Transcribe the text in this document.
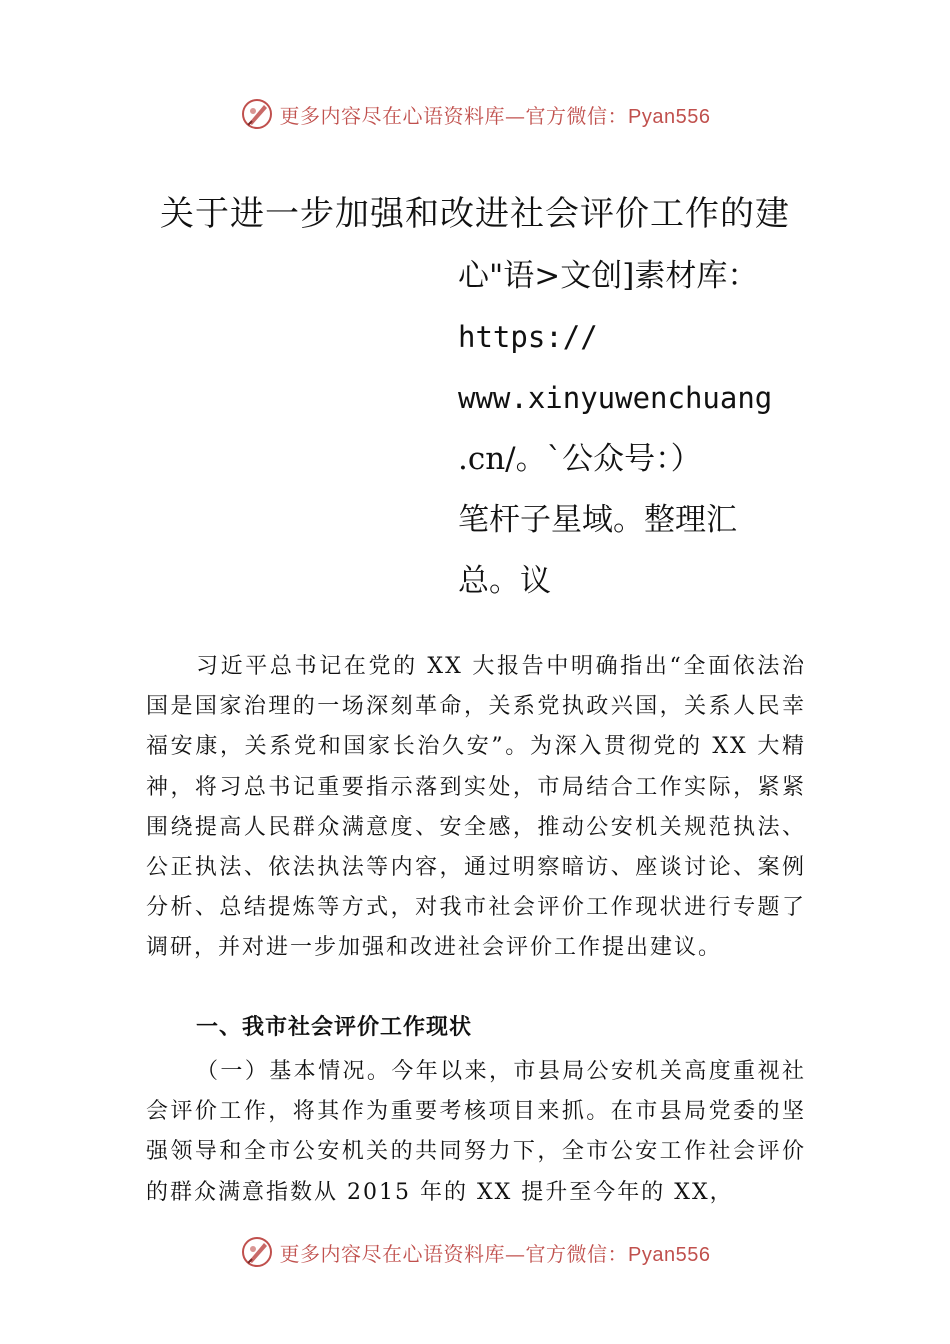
更多内容尽在心语资料库—官方微信：Pyan556
关于进一步加强和改进社会评价工作的建
心"语>文创]素材库：
https://
www.xinyuwenchuang
.cn/。`公众号：）
笔杆子星域。整理汇
总。议
习近平总书记在党的 XX 大报告中明确指出“全面依法治国是国家治理的一场深刻革命，关系党执政兴国，关系人民幸福安康，关系党和国家长治久安”。为深入贯彻党的 XX 大精神，将习总书记重要指示落到实处，市局结合工作实际，紧紧围绕提高人民群众满意度、安全感，推动公安机关规范执法、公正执法、依法执法等内容，通过明察暗访、座谈讨论、案例分析、总结提炼等方式，对我市社会评价工作现状进行专题了调研，并对进一步加强和改进社会评价工作提出建议。
一、我市社会评价工作现状
（一）基本情况。今年以来，市县局公安机关高度重视社会评价工作，将其作为重要考核项目来抓。在市县局党委的坚强领导和全市公安机关的共同努力下，全市公安工作社会评价的群众满意指数从 2015 年的 XX 提升至今年的 XX，
更多内容尽在心语资料库—官方微信：Pyan556
